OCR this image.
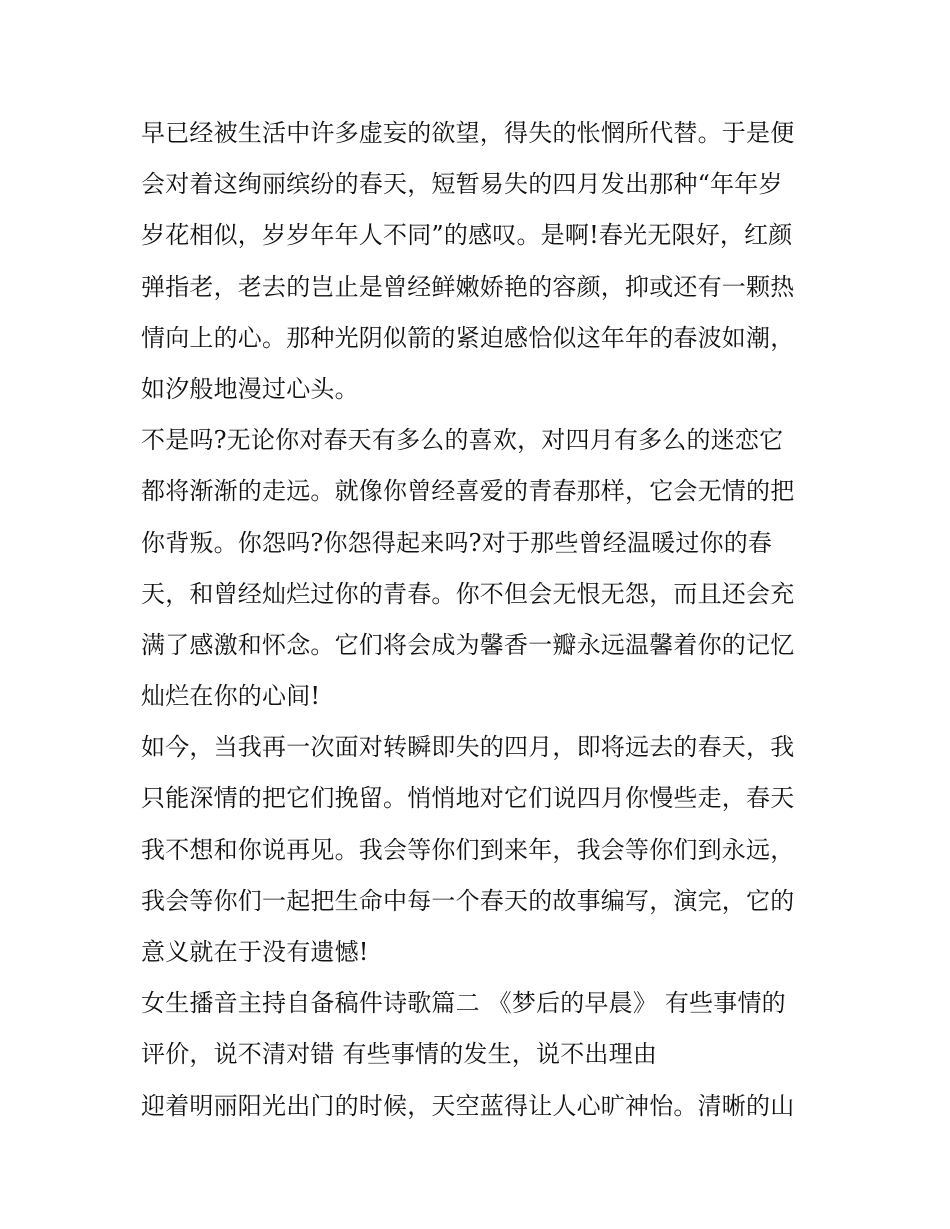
早已经被生活中许多虚妄的欲望，得失的怅惘所代替。于是便
会对着这绚丽缤纷的春天，短暂易失的四月发出那种“年年岁
岁花相似，岁岁年年人不同”的感叹。是啊!春光无限好，红颜
弹指老，老去的岂止是曾经鲜嫩娇艳的容颜，抑或还有一颗热
情向上的心。那种光阴似箭的紧迫感恰似这年年的春波如潮，
如汐般地漫过心头。
不是吗?无论你对春天有多么的喜欢，对四月有多么的迷恋它
都将渐渐的走远。就像你曾经喜爱的青春那样，它会无情的把
你背叛。你怨吗?你怨得起来吗?对于那些曾经温暖过你的春
天，和曾经灿烂过你的青春。你不但会无恨无怨，而且还会充
满了感激和怀念。它们将会成为馨香一瓣永远温馨着你的记忆
灿烂在你的心间!
如今，当我再一次面对转瞬即失的四月，即将远去的春天，我
只能深情的把它们挽留。悄悄地对它们说四月你慢些走，春天
我不想和你说再见。我会等你们到来年，我会等你们到永远，
我会等你们一起把生命中每一个春天的故事编写，演完，它的
意义就在于没有遗憾!
女生播音主持自备稿件诗歌篇二 《梦后的早晨》 有些事情的
评价，说不清对错 有些事情的发生，说不出理由
迎着明丽阳光出门的时候，天空蓝得让人心旷神怡。清晰的山
